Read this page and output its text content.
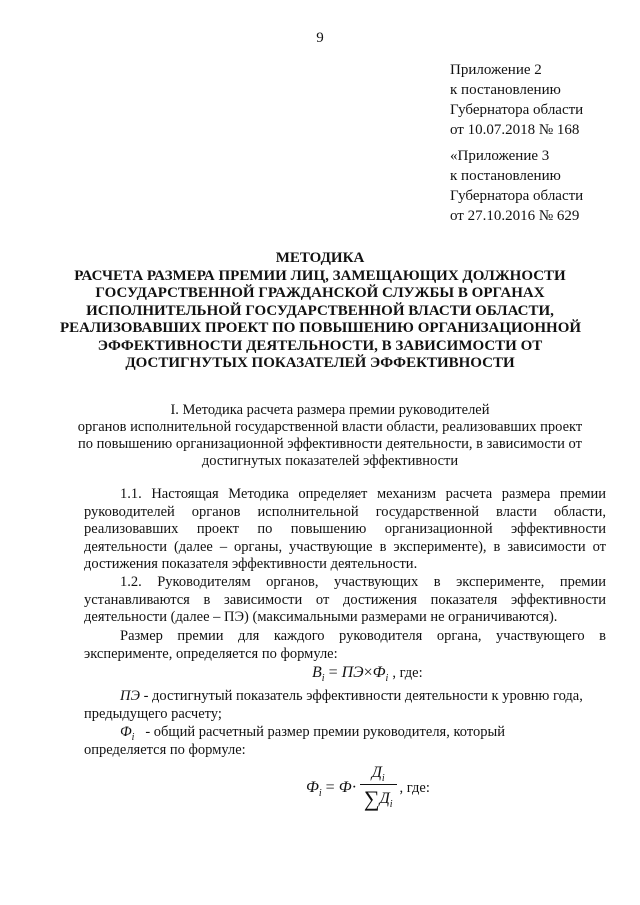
9
Приложение 2
к постановлению
Губернатора области
от 10.07.2018 № 168
«Приложение 3
к постановлению
Губернатора области
от 27.10.2016 № 629
МЕТОДИКА
РАСЧЕТА РАЗМЕРА ПРЕМИИ ЛИЦ, ЗАМЕЩАЮЩИХ ДОЛЖНОСТИ
ГОСУДАРСТВЕННОЙ ГРАЖДАНСКОЙ СЛУЖБЫ В ОРГАНАХ
ИСПОЛНИТЕЛЬНОЙ ГОСУДАРСТВЕННОЙ ВЛАСТИ ОБЛАСТИ,
РЕАЛИЗОВАВШИХ ПРОЕКТ ПО ПОВЫШЕНИЮ ОРГАНИЗАЦИОННОЙ
ЭФФЕКТИВНОСТИ ДЕЯТЕЛЬНОСТИ, В ЗАВИСИМОСТИ ОТ
ДОСТИГНУТЫХ ПОКАЗАТЕЛЕЙ ЭФФЕКТИВНОСТИ
I. Методика расчета размера премии руководителей
органов исполнительной государственной власти области, реализовавших проект
по повышению организационной эффективности деятельности, в зависимости от
достигнутых показателей эффективности
1.1. Настоящая Методика определяет механизм расчета размера премии
руководителей органов исполнительной государственной власти области,
реализовавших проект по повышению организационной эффективности
деятельности (далее – органы, участвующие в эксперименте), в зависимости от
достижения показателя эффективности деятельности.
1.2. Руководителям органов, участвующих в эксперименте, премии
устанавливаются в зависимости от достижения показателя эффективности
деятельности (далее – ПЭ) (максимальными размерами не ограничиваются).
Размер премии для каждого руководителя органа, участвующего в
эксперименте, определяется по формуле:
$B_i = ПЭ\times Ф_i$ , где:
ПЭ - достигнутый показатель эффективности деятельности к уровню года,
предыдущего расчету;
$Ф_i$ - общий расчетный размер премии руководителя, который
определяется по формуле:
$Ф_i = Ф\cdot \frac{Д_i}{\sum Д_i}$ , где:
